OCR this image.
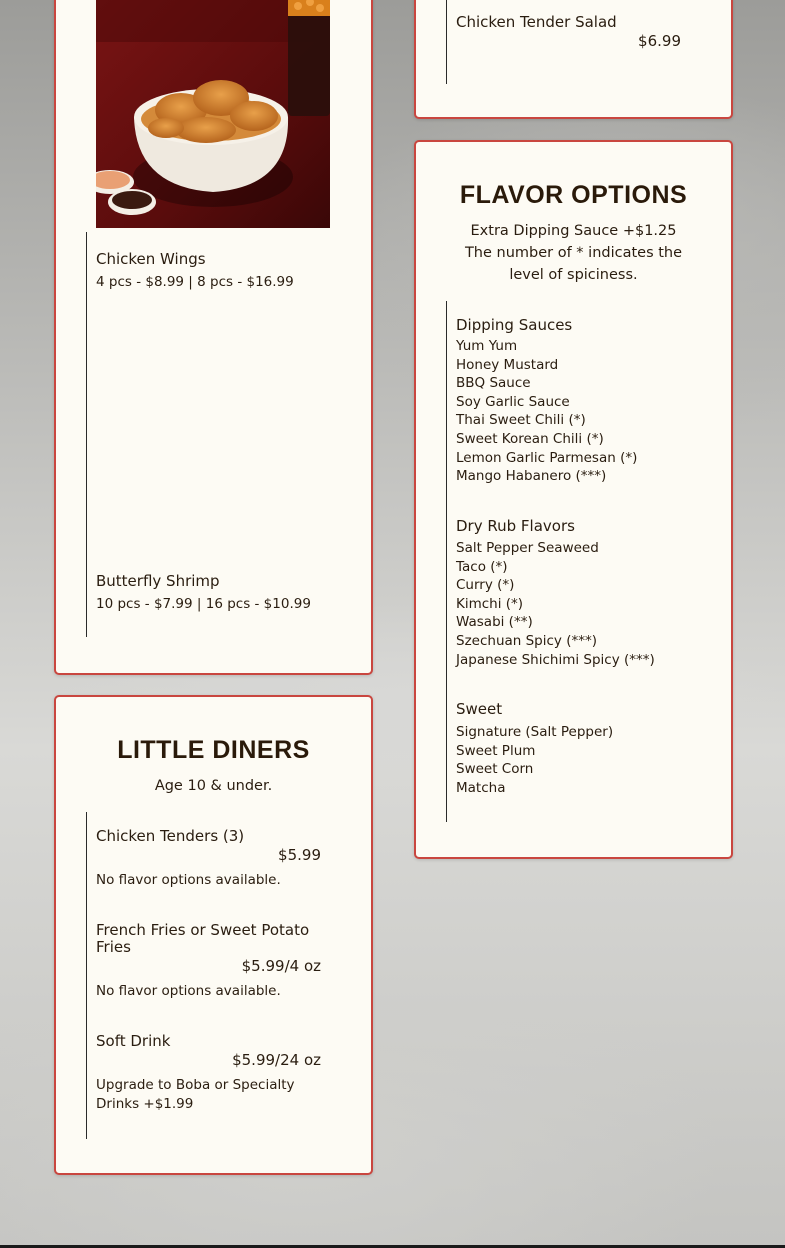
Chicken Wings
4 pcs - $8.99 | 8 pcs - $16.99
Butterfly Shrimp
10 pcs - $7.99 | 16 pcs - $10.99
Chicken Tender Salad
$6.99
LITTLE DINERS
Age 10 & under.
Chicken Tenders (3)
$5.99
No flavor options available.
French Fries or Sweet Potato Fries
$5.99/4 oz
No flavor options available.
Soft Drink
$5.99/24 oz
Upgrade to Boba or Specialty Drinks +$1.99
FLAVOR OPTIONS
Extra Dipping Sauce +$1.25
The number of * indicates the level of spiciness.
Dipping Sauces
Yum Yum
Honey Mustard
BBQ Sauce
Soy Garlic Sauce
Thai Sweet Chili (*)
Sweet Korean Chili (*)
Lemon Garlic Parmesan (*)
Mango Habanero (***)
Dry Rub Flavors
Salt Pepper Seaweed
Taco (*)
Curry (*)
Kimchi (*)
Wasabi (**)
Szechuan Spicy (***)
Japanese Shichimi Spicy (***)
Sweet
Signature (Salt Pepper)
Sweet Plum
Sweet Corn
Matcha
